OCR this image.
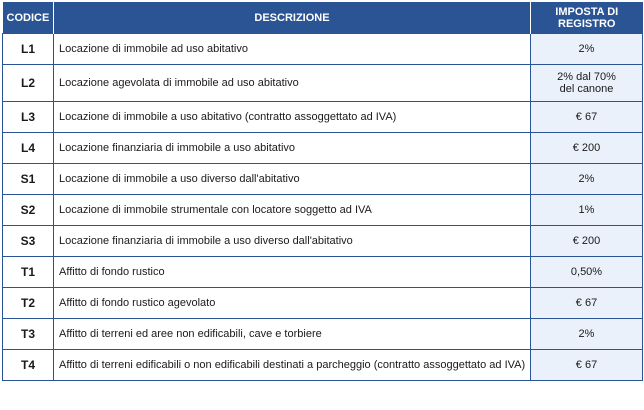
CODICE	DESCRIZIONE	IMPOSTA DI REGISTRO
L1	Locazione di immobile ad uso abitativo	2%
L2	Locazione agevolata di immobile ad uso abitativo	2% dal 70%
del canone
L3	Locazione di immobile a uso abitativo (contratto assoggettato ad IVA)	€ 67
L4	Locazione finanziaria di immobile a uso abitativo	€ 200
S1	Locazione di immobile a uso diverso dall'abitativo	2%
S2	Locazione di immobile strumentale con locatore soggetto ad IVA	1%
S3	Locazione finanziaria di immobile a uso diverso dall'abitativo	€ 200
T1	Affitto di fondo rustico	0,50%
T2	Affitto di fondo rustico agevolato	€ 67
T3	Affitto di terreni ed aree non edificabili, cave e torbiere	2%
T4	Affitto di terreni edificabili o non edificabili destinati a parcheggio (contratto assoggettato ad IVA)	€ 67
